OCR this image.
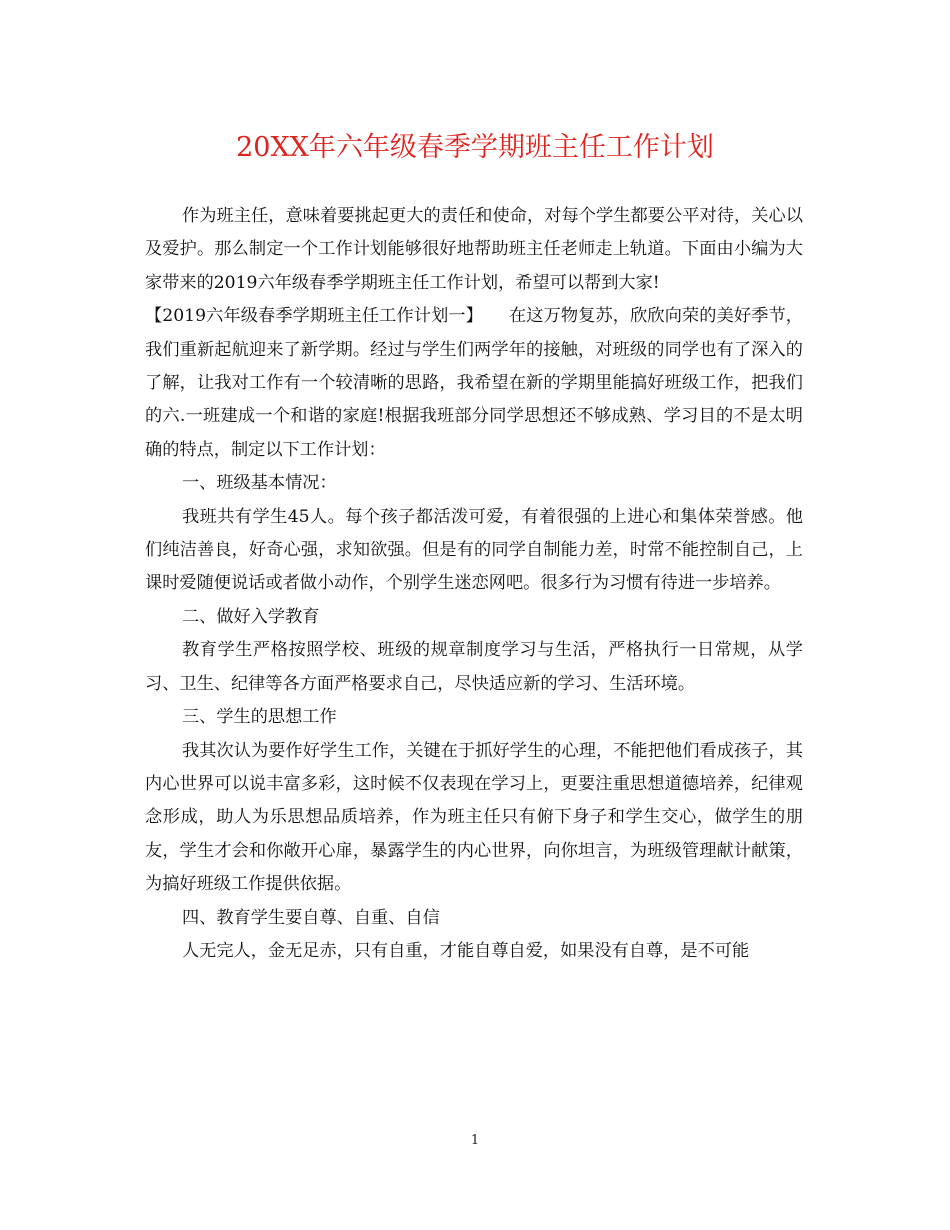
20XX年六年级春季学期班主任工作计划

作为班主任，意味着要挑起更大的责任和使命，对每个学生都要公平对待，关心以及爱护。那么制定一个工作计划能够很好地帮助班主任老师走上轨道。下面由小编为大家带来的2019六年级春季学期班主任工作计划，希望可以帮到大家!

【2019六年级春季学期班主任工作计划一】　　在这万物复苏，欣欣向荣的美好季节，我们重新起航迎来了新学期。经过与学生们两学年的接触，对班级的同学也有了深入的了解，让我对工作有一个较清晰的思路，我希望在新的学期里能搞好班级工作，把我们的六.一班建成一个和谐的家庭!根据我班部分同学思想还不够成熟、学习目的不是太明确的特点，制定以下工作计划：

一、班级基本情况：

我班共有学生45人。每个孩子都活泼可爱，有着很强的上进心和集体荣誉感。他们纯洁善良，好奇心强，求知欲强。但是有的同学自制能力差，时常不能控制自己，上课时爱随便说话或者做小动作，个别学生迷恋网吧。很多行为习惯有待进一步培养。

二、做好入学教育

教育学生严格按照学校、班级的规章制度学习与生活，严格执行一日常规，从学习、卫生、纪律等各方面严格要求自己，尽快适应新的学习、生活环境。

三、学生的思想工作

我其次认为要作好学生工作，关键在于抓好学生的心理，不能把他们看成孩子，其内心世界可以说丰富多彩，这时候不仅表现在学习上，更要注重思想道德培养，纪律观念形成，助人为乐思想品质培养，作为班主任只有俯下身子和学生交心，做学生的朋友，学生才会和你敞开心扉，暴露学生的内心世界，向你坦言，为班级管理献计献策，为搞好班级工作提供依据。

四、教育学生要自尊、自重、自信

人无完人，金无足赤，只有自重，才能自尊自爱，如果没有自尊，是不可能

1
